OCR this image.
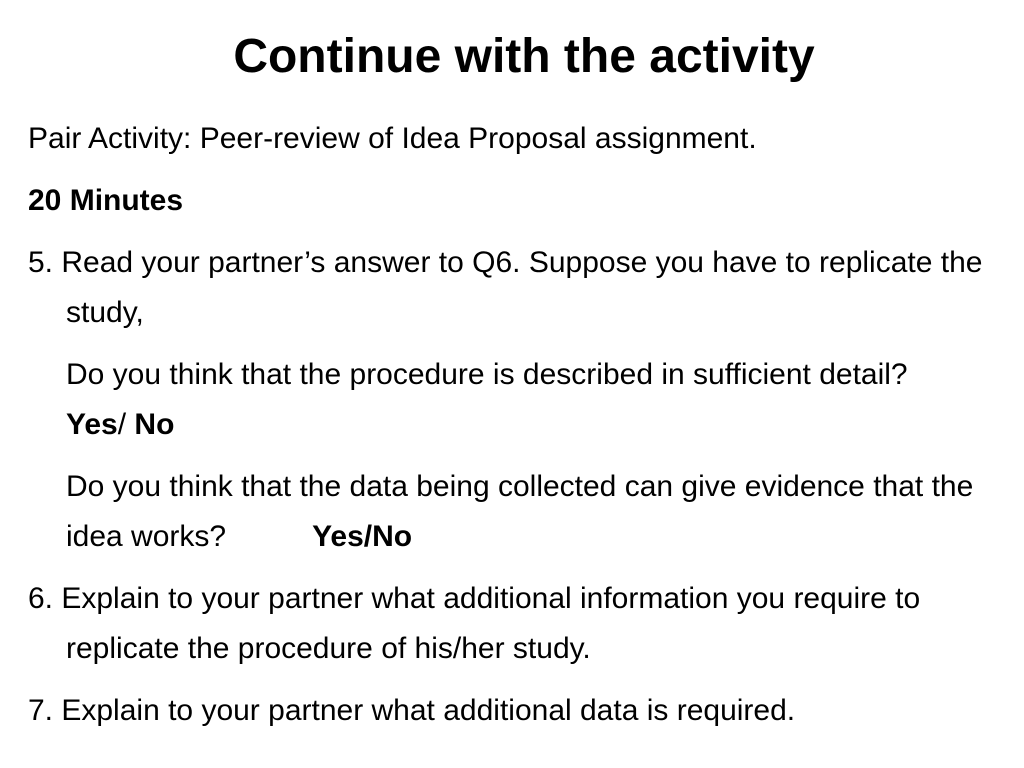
Continue with the activity
Pair Activity: Peer-review of Idea Proposal assignment.
20 Minutes
5. Read your partner’s answer to Q6. Suppose you have to replicate the study,
Do you think that the procedure is described in sufficient detail?Yes/ No
Do you think that the data being collected can give evidence that the idea works?	Yes/No
6. Explain to your partner what additional information you require to replicate the procedure of his/her study.
7. Explain to your partner what additional data is required.
